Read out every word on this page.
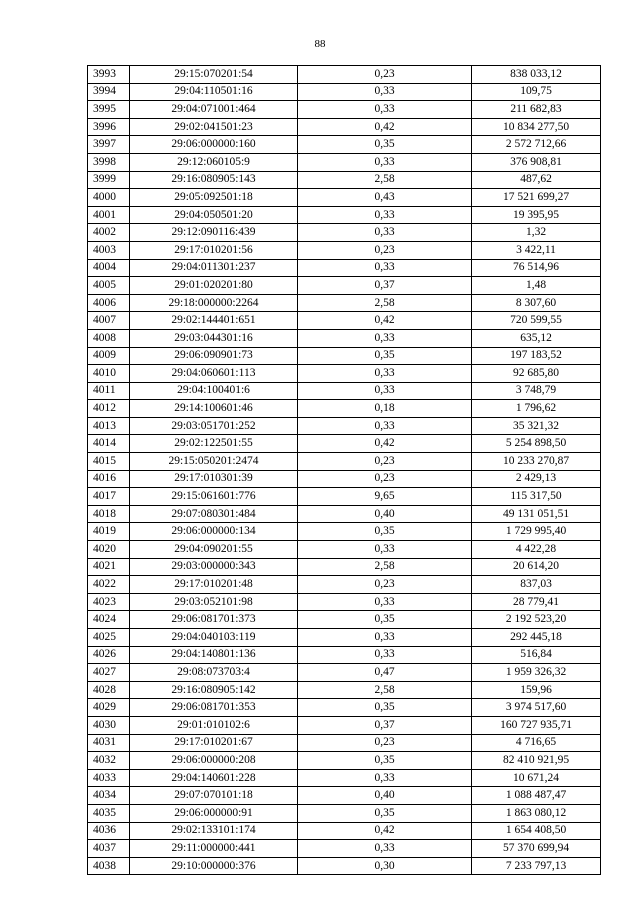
88
3993	29:15:070201:54	0,23	838 033,12
3994	29:04:110501:16	0,33	109,75
3995	29:04:071001:464	0,33	211 682,83
3996	29:02:041501:23	0,42	10 834 277,50
3997	29:06:000000:160	0,35	2 572 712,66
3998	29:12:060105:9	0,33	376 908,81
3999	29:16:080905:143	2,58	487,62
4000	29:05:092501:18	0,43	17 521 699,27
4001	29:04:050501:20	0,33	19 395,95
4002	29:12:090116:439	0,33	1,32
4003	29:17:010201:56	0,23	3 422,11
4004	29:04:011301:237	0,33	76 514,96
4005	29:01:020201:80	0,37	1,48
4006	29:18:000000:2264	2,58	8 307,60
4007	29:02:144401:651	0,42	720 599,55
4008	29:03:044301:16	0,33	635,12
4009	29:06:090901:73	0,35	197 183,52
4010	29:04:060601:113	0,33	92 685,80
4011	29:04:100401:6	0,33	3 748,79
4012	29:14:100601:46	0,18	1 796,62
4013	29:03:051701:252	0,33	35 321,32
4014	29:02:122501:55	0,42	5 254 898,50
4015	29:15:050201:2474	0,23	10 233 270,87
4016	29:17:010301:39	0,23	2 429,13
4017	29:15:061601:776	9,65	115 317,50
4018	29:07:080301:484	0,40	49 131 051,51
4019	29:06:000000:134	0,35	1 729 995,40
4020	29:04:090201:55	0,33	4 422,28
4021	29:03:000000:343	2,58	20 614,20
4022	29:17:010201:48	0,23	837,03
4023	29:03:052101:98	0,33	28 779,41
4024	29:06:081701:373	0,35	2 192 523,20
4025	29:04:040103:119	0,33	292 445,18
4026	29:04:140801:136	0,33	516,84
4027	29:08:073703:4	0,47	1 959 326,32
4028	29:16:080905:142	2,58	159,96
4029	29:06:081701:353	0,35	3 974 517,60
4030	29:01:010102:6	0,37	160 727 935,71
4031	29:17:010201:67	0,23	4 716,65
4032	29:06:000000:208	0,35	82 410 921,95
4033	29:04:140601:228	0,33	10 671,24
4034	29:07:070101:18	0,40	1 088 487,47
4035	29:06:000000:91	0,35	1 863 080,12
4036	29:02:133101:174	0,42	1 654 408,50
4037	29:11:000000:441	0,33	57 370 699,94
4038	29:10:000000:376	0,30	7 233 797,13
